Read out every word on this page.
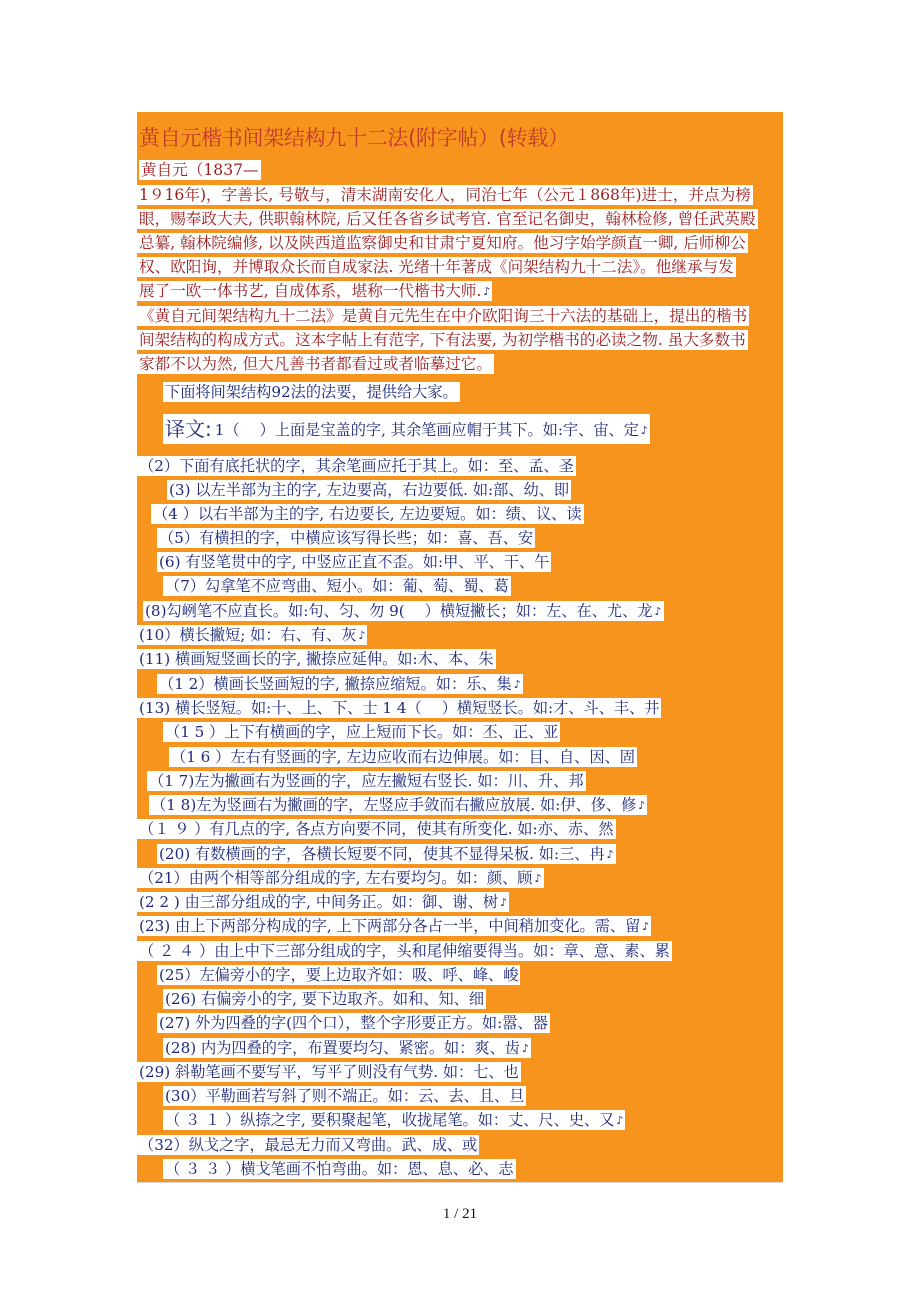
黄自元楷书间架结构九十二法(附字帖）(转载）
黄自元（1837—
1９16年)，字善长, 号敬与，清末湖南安化人，同治七年（公元１868年)进士，并点为榜
眼，赐奉政大夫, 供职翰林院, 后又任各省乡试考官. 官至记名御史，翰林检修, 曾任武英殿
总纂, 翰林院编修, 以及陕西道监察御史和甘肃宁夏知府。他习字始学颜直一卿, 后师柳公
权、欧阳询，并博取众长而自成家法. 光绪十年著成《问架结构九十二法》。他继承与发
展了一欧一体书艺, 自成体系，堪称一代楷书大师. ♪
《黄自元间架结构九十二法》是黄自元先生在中介欧阳询三十六法的基础上，提出的楷书
间架结构的构成方式。这本字帖上有范字, 下有法要, 为初学楷书的必读之物. 虽大多数书
家都不以为然, 但大凡善书者都看过或者临摹过它。
下面将间架结构92法的法要，提供给大家。
译文: 1（　 ）上面是宝盖的字, 其余笔画应帽于其下。如:宇、宙、定 ♪
（2）下面有底托状的字，其余笔画应托于其上。如：至、孟、圣
(3) 以左半部为主的字, 左边要高，右边要低. 如:部、幼、即
（4 ）以右半部为主的字, 右边要长, 左边要短。如：绩、议、读
（5）有横担的字，中横应该写得长些；如：喜、吾、安
(6) 有竖笔贯中的字, 中竖应正直不歪。如:甲、平、干、午
（7）勾拿笔不应弯曲、短小。如：葡、萄、蜀、葛
(8)勾峢笔不应直长。如:句、匀、勿 9(　 ）横短撇长；如：左、在、尤、龙 ♪
(10）横长撇短; 如：右、有、灰 ♪
(11) 横画短竖画长的字, 撇捺应延伸。如:木、本、朱
（1 2）横画长竖画短的字, 撇捺应缩短。如：乐、集 ♪
(13) 横长竖短。如:十、上、下、士 1 4（　 ）横短竖长。如:才、斗、丰、井
（1 5 ）上下有横画的字，应上短而下长。如：丕、正、亚
（1 6 ）左右有竖画的字, 左边应收而右边伸展。如：目、自、因、固
（1 7)左为撇画右为竖画的字，应左撇短右竖长. 如：川、升、邦
（1 8)左为竖画右为撇画的字，左竖应手敛而右撇应放展. 如:伊、侈、修 ♪
（１ ９ ）有几点的字, 各点方向要不同，使其有所变化. 如:亦、赤、然
(20) 有数横画的字，各横长短要不同，使其不显得呆板. 如:三、冉 ♪
（21）由两个相等部分组成的字, 左右要均匀。如：颜、顾 ♪
(2 2 ) 由三部分组成的字, 中间务正。如：御、谢、树 ♪
(23) 由上下两部分构成的字, 上下两部分各占一半，中间稍加变化。需、留 ♪
（ ２ ４ ）由上中下三部分组成的字，头和尾伸缩要得当。如：章、意、素、累
(25）左偏旁小的字，要上边取齐如：吸、呼、峰、峻
(26) 右偏旁小的字, 要下边取齐。如和、知、细
(27) 外为四叠的字(四个口），整个字形要正方。如:嚣、器
(28) 内为四叠的字，布置要均匀、紧密。如：爽、齿 ♪
(29) 斜勒笔画不要写平，写平了则没有气势. 如：七、也
(30）平勒画若写斜了则不端正。如：云、去、且、旦
（ ３ １ ）纵捺之字, 要积聚起笔，收拢尾笔。如：丈、尺、史、又 ♪
（32）纵戈之字，最忌无力而又弯曲。武、成、或
（ ３ ３ ）横戈笔画不怕弯曲。如：恩、息、必、志
1 / 21
